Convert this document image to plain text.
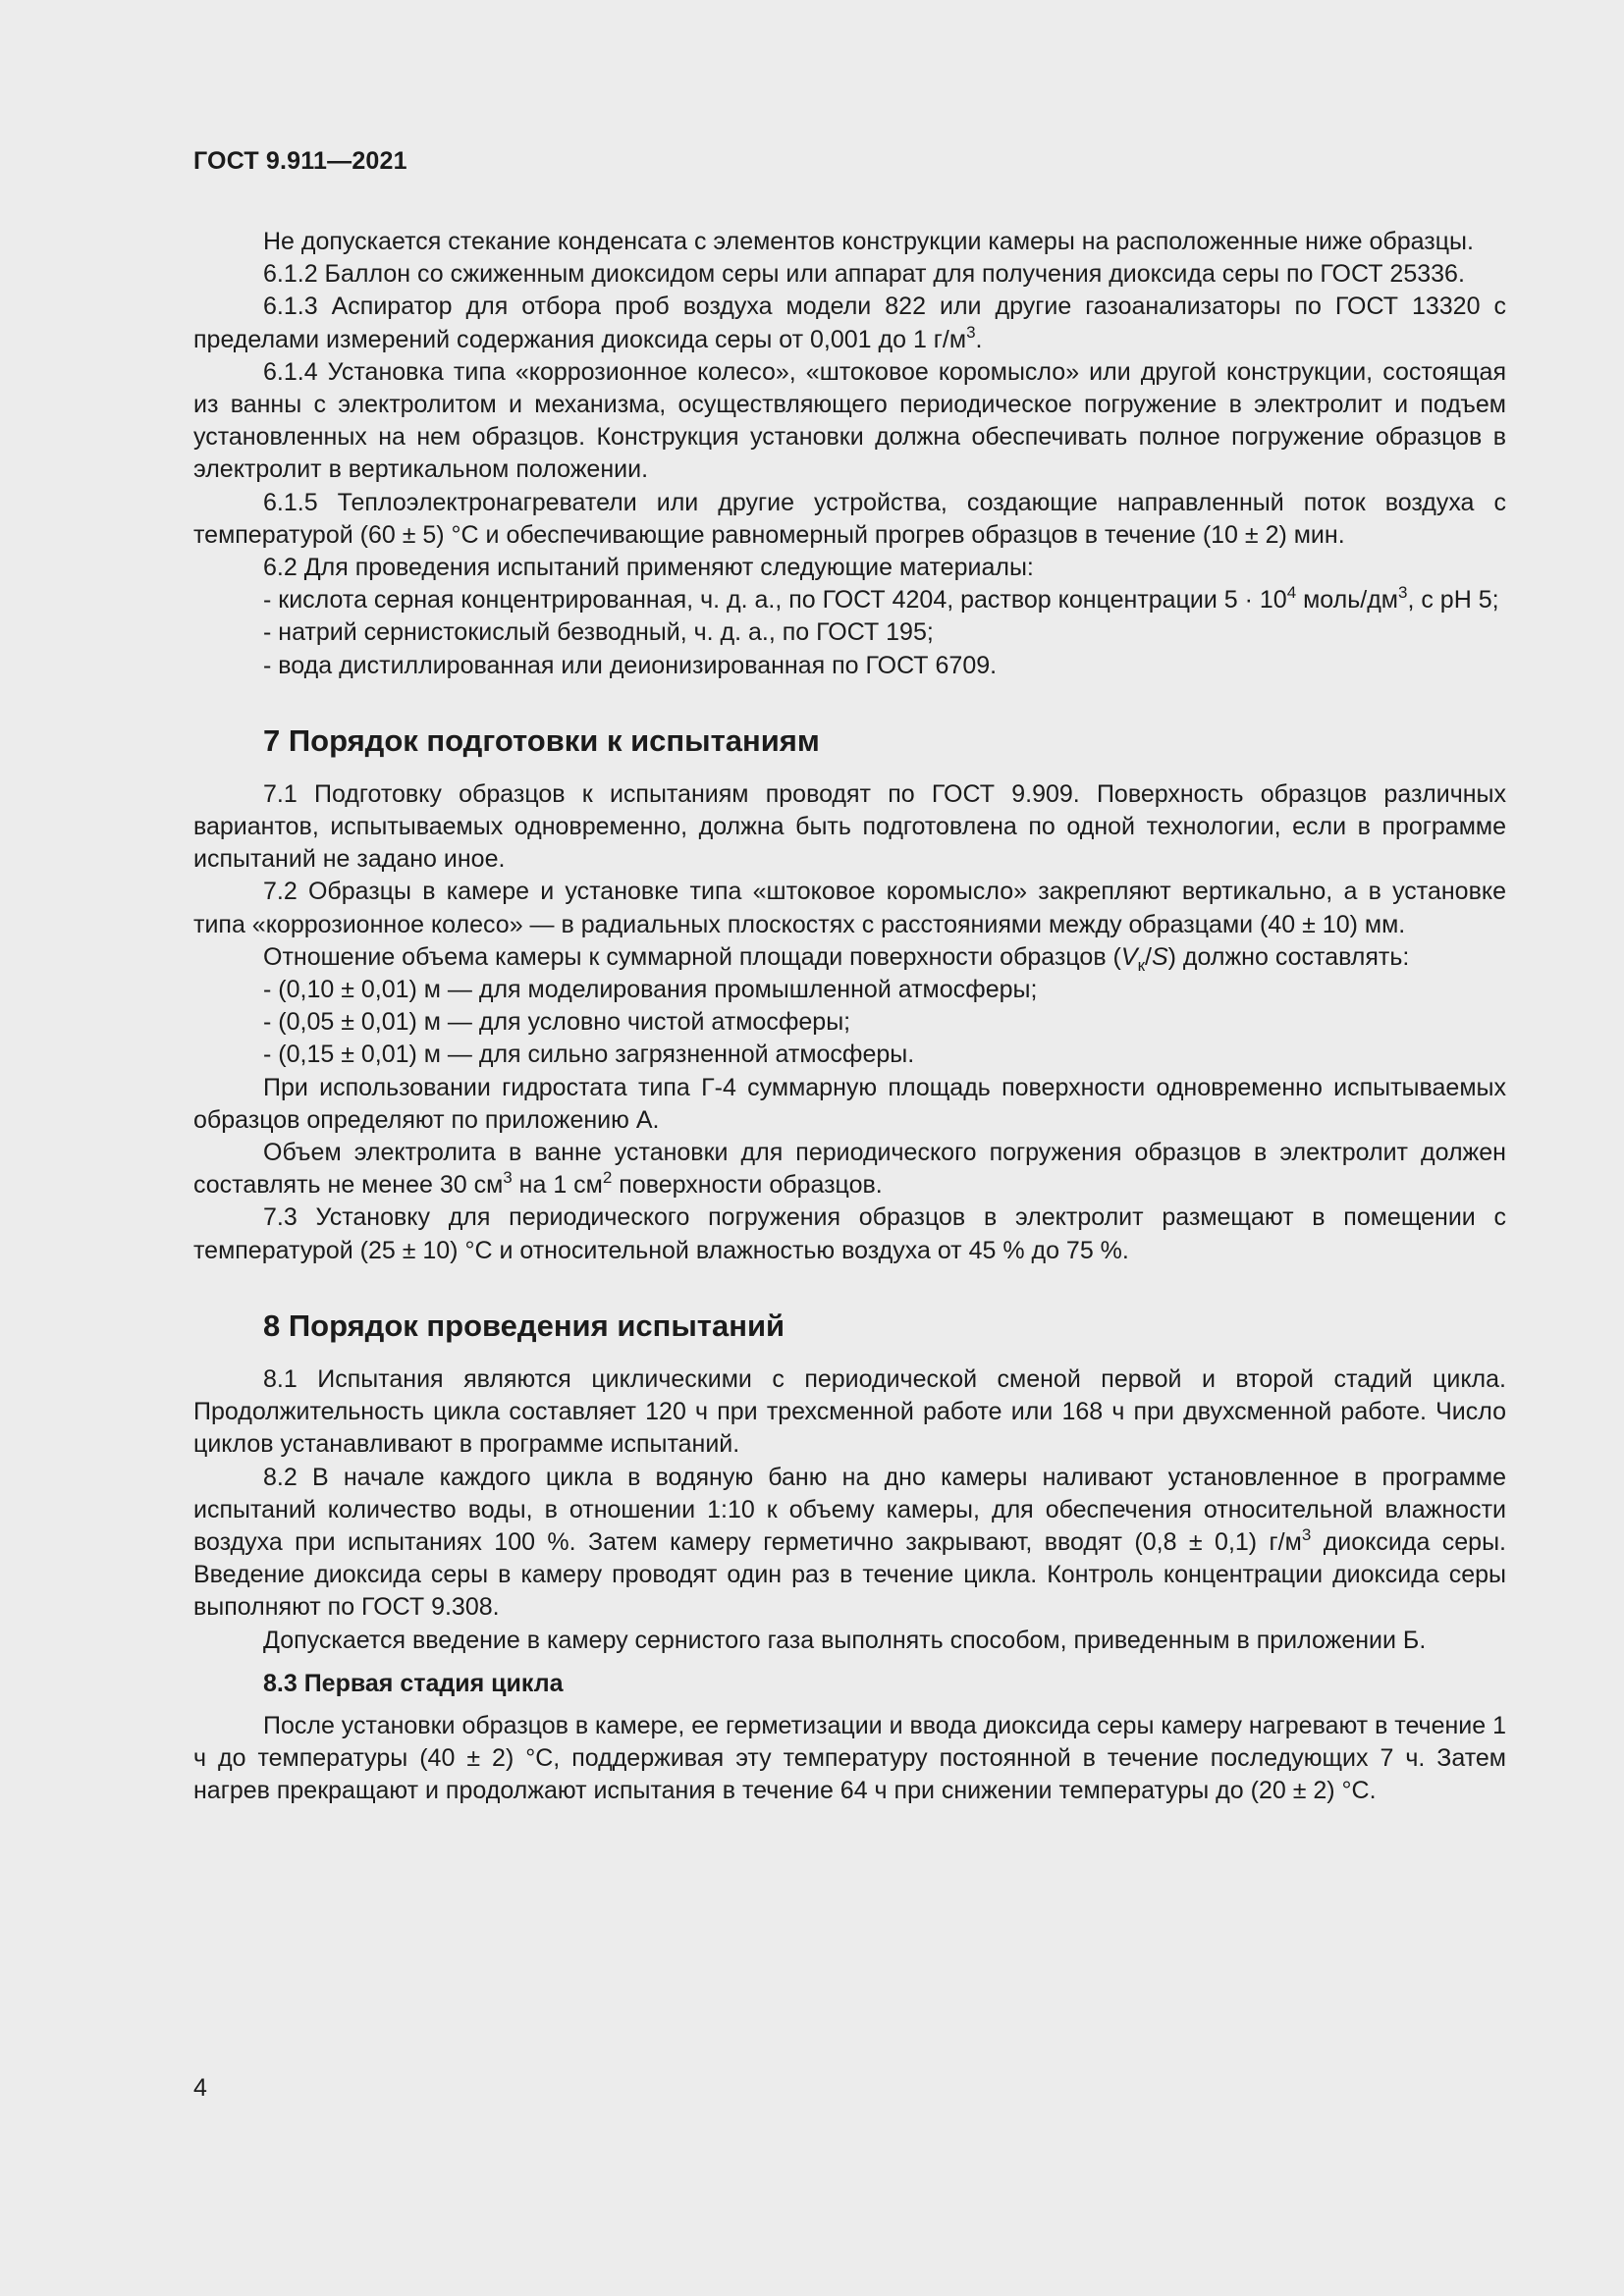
ГОСТ 9.911—2021

Не допускается стекание конденсата с элементов конструкции камеры на расположенные ниже образцы.

6.1.2 Баллон со сжиженным диоксидом серы или аппарат для получения диоксида серы по ГОСТ 25336.

6.1.3 Аспиратор для отбора проб воздуха модели 822 или другие газоанализаторы по ГОСТ 13320 с пределами измерений содержания диоксида серы от 0,001 до 1 $г/м^3$.

6.1.4 Установка типа «коррозионное колесо», «штоковое коромысло» или другой конструкции, состоящая из ванны с электролитом и механизма, осуществляющего периодическое погружение в электролит и подъем установленных на нем образцов. Конструкция установки должна обеспечивать полное погружение образцов в электролит в вертикальном положении.

6.1.5 Теплоэлектронагреватели или другие устройства, создающие направленный поток воздуха с температурой (60 ± 5) °С и обеспечивающие равномерный прогрев образцов в течение (10 ± 2) мин.

6.2 Для проведения испытаний применяют следующие материалы:

- кислота серная концентрированная, ч. д. а., по ГОСТ 4204, раствор концентрации $5 \cdot 10^4$ моль/$дм^3$, с pH 5;

- натрий сернистокислый безводный, ч. д. а., по ГОСТ 195;

- вода дистиллированная или деионизированная по ГОСТ 6709.

7 Порядок подготовки к испытаниям

7.1 Подготовку образцов к испытаниям проводят по ГОСТ 9.909. Поверхность образцов различных вариантов, испытываемых одновременно, должна быть подготовлена по одной технологии, если в программе испытаний не задано иное.

7.2 Образцы в камере и установке типа «штоковое коромысло» закрепляют вертикально, а в установке типа «коррозионное колесо» — в радиальных плоскостях с расстояниями между образцами (40 ± 10) мм.

Отношение объема камеры к суммарной площади поверхности образцов $(V_к/S)$ должно составлять:

- (0,10 ± 0,01) м — для моделирования промышленной атмосферы;

- (0,05 ± 0,01) м — для условно чистой атмосферы;

- (0,15 ± 0,01) м — для сильно загрязненной атмосферы.

При использовании гидростата типа Г-4 суммарную площадь поверхности одновременно испытываемых образцов определяют по приложению А.

Объем электролита в ванне установки для периодического погружения образцов в электролит должен составлять не менее 30 $см^3$ на 1 $см^2$ поверхности образцов.

7.3 Установку для периодического погружения образцов в электролит размещают в помещении с температурой (25 ± 10) °С и относительной влажностью воздуха от 45 % до 75 %.

8 Порядок проведения испытаний

8.1 Испытания являются циклическими с периодической сменой первой и второй стадий цикла. Продолжительность цикла составляет 120 ч при трехсменной работе или 168 ч при двухсменной работе. Число циклов устанавливают в программе испытаний.

8.2 В начале каждого цикла в водяную баню на дно камеры наливают установленное в программе испытаний количество воды, в отношении 1:10 к объему камеры, для обеспечения относительной влажности воздуха при испытаниях 100 %. Затем камеру герметично закрывают, вводят (0,8 ± 0,1) $г/м^3$ диоксида серы. Введение диоксида серы в камеру проводят один раз в течение цикла. Контроль концентрации диоксида серы выполняют по ГОСТ 9.308.

Допускается введение в камеру сернистого газа выполнять способом, приведенным в приложении Б.

8.3 Первая стадия цикла

После установки образцов в камере, ее герметизации и ввода диоксида серы камеру нагревают в течение 1 ч до температуры (40 ± 2) °С, поддерживая эту температуру постоянной в течение последующих 7 ч. Затем нагрев прекращают и продолжают испытания в течение 64 ч при снижении температуры до (20 ± 2) °С.

4
